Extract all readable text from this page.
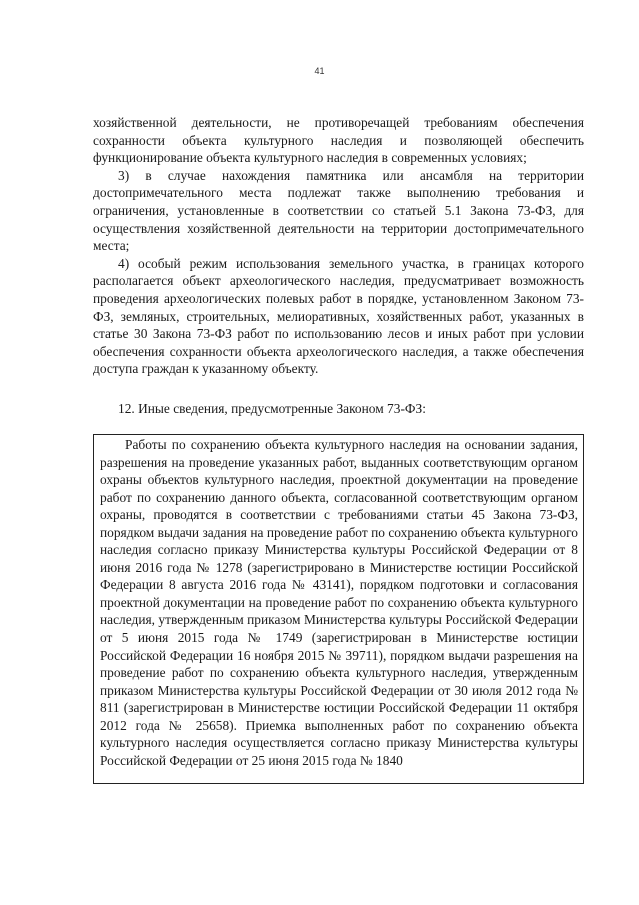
41

хозяйственной деятельности, не противоречащей требованиям обеспечения сохранности объекта культурного наследия и позволяющей обеспечить функционирование объекта культурного наследия в современных условиях;

3) в случае нахождения памятника или ансамбля на территории достопримечательного места подлежат также выполнению требования и ограничения, установленные в соответствии со статьей 5.1 Закона 73-ФЗ, для осуществления хозяйственной деятельности на территории достопримечательного места;

4) особый режим использования земельного участка, в границах которого располагается объект археологического наследия, предусматривает возможность проведения археологических полевых работ в порядке, установленном Законом 73-ФЗ, земляных, строительных, мелиоративных, хозяйственных работ, указанных в статье 30 Закона 73-ФЗ работ по использованию лесов и иных работ при условии обеспечения сохранности объекта археологического наследия, а также обеспечения доступа граждан к указанному объекту.

12. Иные сведения, предусмотренные Законом 73-ФЗ:

Работы по сохранению объекта культурного наследия на основании задания, разрешения на проведение указанных работ, выданных соответствующим органом охраны объектов культурного наследия, проектной документации на проведение работ по сохранению данного объекта, согласованной соответствующим органом охраны, проводятся в соответствии с требованиями статьи 45 Закона 73-ФЗ, порядком выдачи задания на проведение работ по сохранению объекта культурного наследия согласно приказу Министерства культуры Российской Федерации от 8 июня 2016 года № 1278 (зарегистрировано в Министерстве юстиции Российской Федерации 8 августа 2016 года № 43141), порядком подготовки и согласования проектной документации на проведение работ по сохранению объекта культурного наследия, утвержденным приказом Министерства культуры Российской Федерации от 5 июня 2015 года № 1749 (зарегистрирован в Министерстве юстиции Российской Федерации 16 ноября 2015 № 39711), порядком выдачи разрешения на проведение работ по сохранению объекта культурного наследия, утвержденным приказом Министерства культуры Российской Федерации от 30 июля 2012 года № 811 (зарегистрирован в Министерстве юстиции Российской Федерации 11 октября 2012 года № 25658). Приемка выполненных работ по сохранению объекта культурного наследия осуществляется согласно приказу Министерства культуры Российской Федерации от 25 июня 2015 года № 1840
